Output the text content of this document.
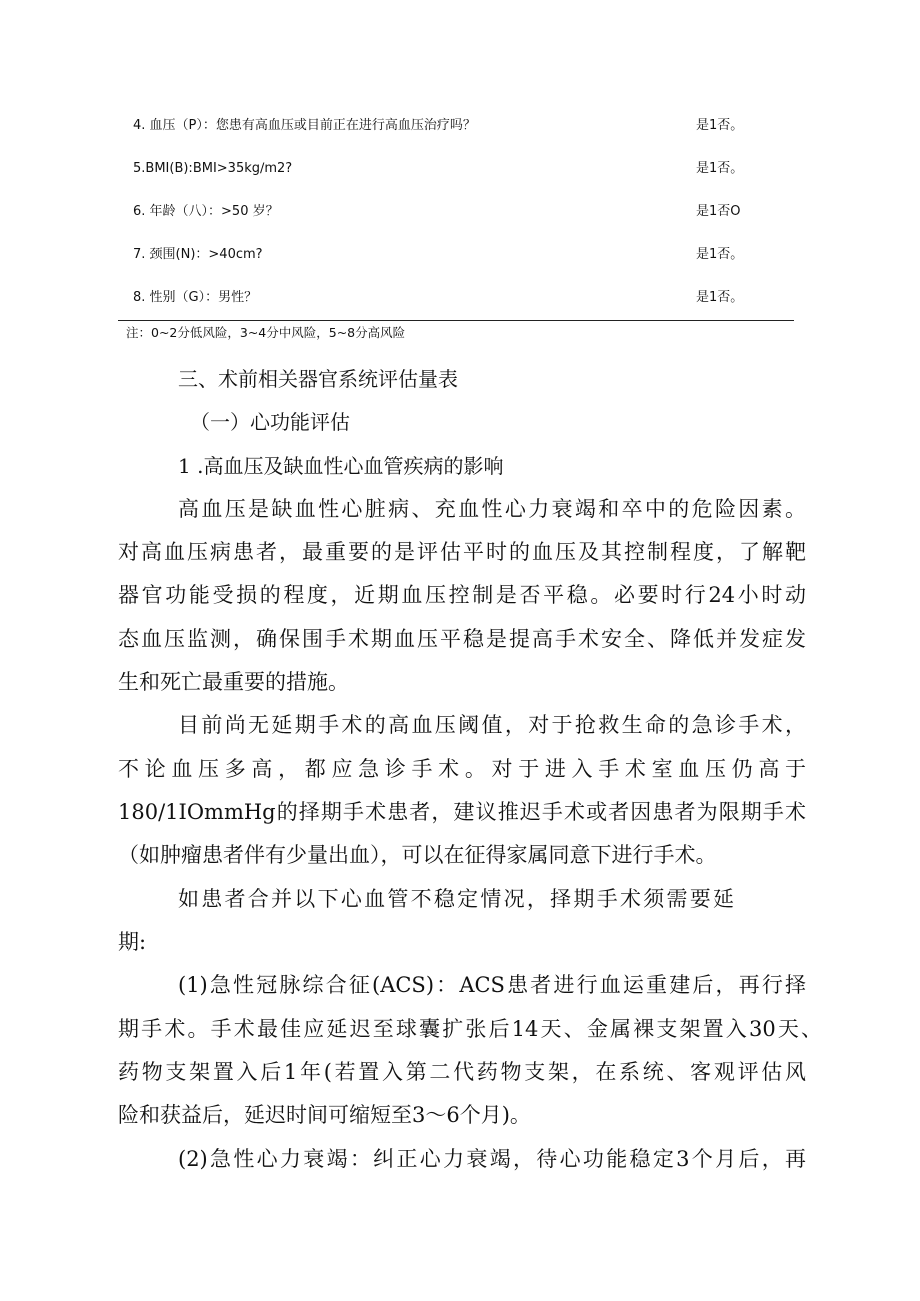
4. 血压（P）：您患有高血压或目前正在进行高血压治疗吗？	是1否。
5.BMI(B):BMI>35kg∕m2?	是1否。
6. 年龄（八）：>50 岁？	是1否O
7. 颈围(N)：>40cm?	是1否。
8. 性别（G）：男性？	是1否。
注：0~2分低风险，3~4分中风险，5~8分高风险
三、术前相关器官系统评估量表
（一）心功能评估
1 .高血压及缺血性心血管疾病的影响
高血压是缺血性心脏病、充血性心力衰竭和卒中的危险因素。
对高血压病患者，最重要的是评估平时的血压及其控制程度，了解靶
器官功能受损的程度，近期血压控制是否平稳。必要时行24小时动
态血压监测，确保围手术期血压平稳是提高手术安全、降低并发症发
生和死亡最重要的措施。
目前尚无延期手术的高血压阈值，对于抢救生命的急诊手术，
不论血压多高，都应急诊手术。对于进入手术室血压仍高于
180/1IOmmHg的择期手术患者，建议推迟手术或者因患者为限期手术
（如肿瘤患者伴有少量出血），可以在征得家属同意下进行手术。
如患者合并以下心血管不稳定情况，择期手术须需要延
期:
(1)急性冠脉综合征(ACS)：ACS患者进行血运重建后，再行择
期手术。手术最佳应延迟至球囊扩张后14天、金属裸支架置入30天、
药物支架置入后1年(若置入第二代药物支架，在系统、客观评估风
险和获益后，延迟时间可缩短至3～6个月)。
(2)急性心力衰竭：纠正心力衰竭，待心功能稳定3个月后，再
